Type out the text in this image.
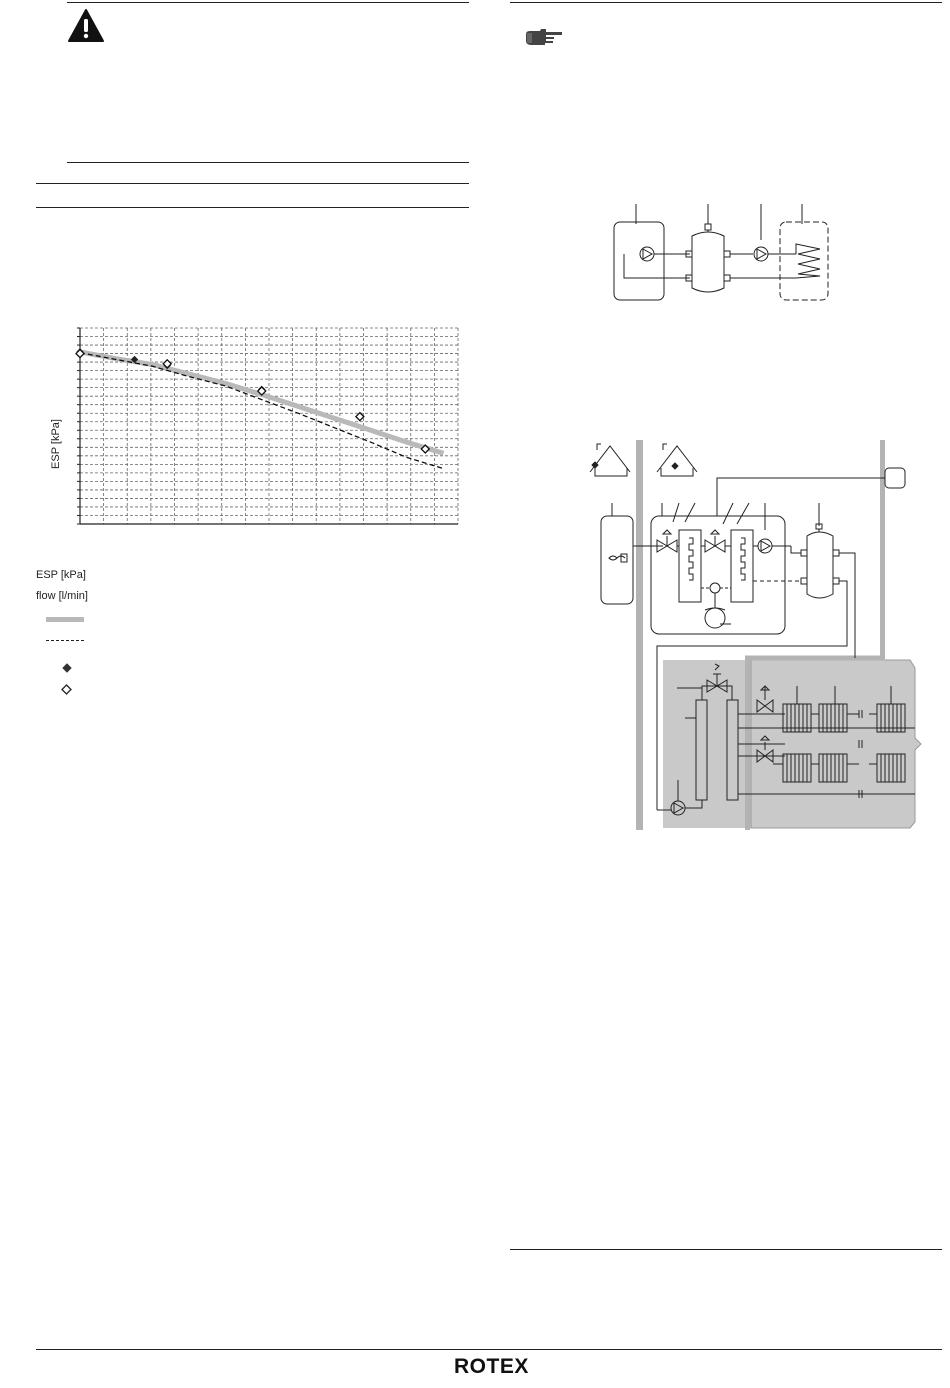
ESP [kPa]
ESP [kPa]
flow [l/min]
ROTEX
